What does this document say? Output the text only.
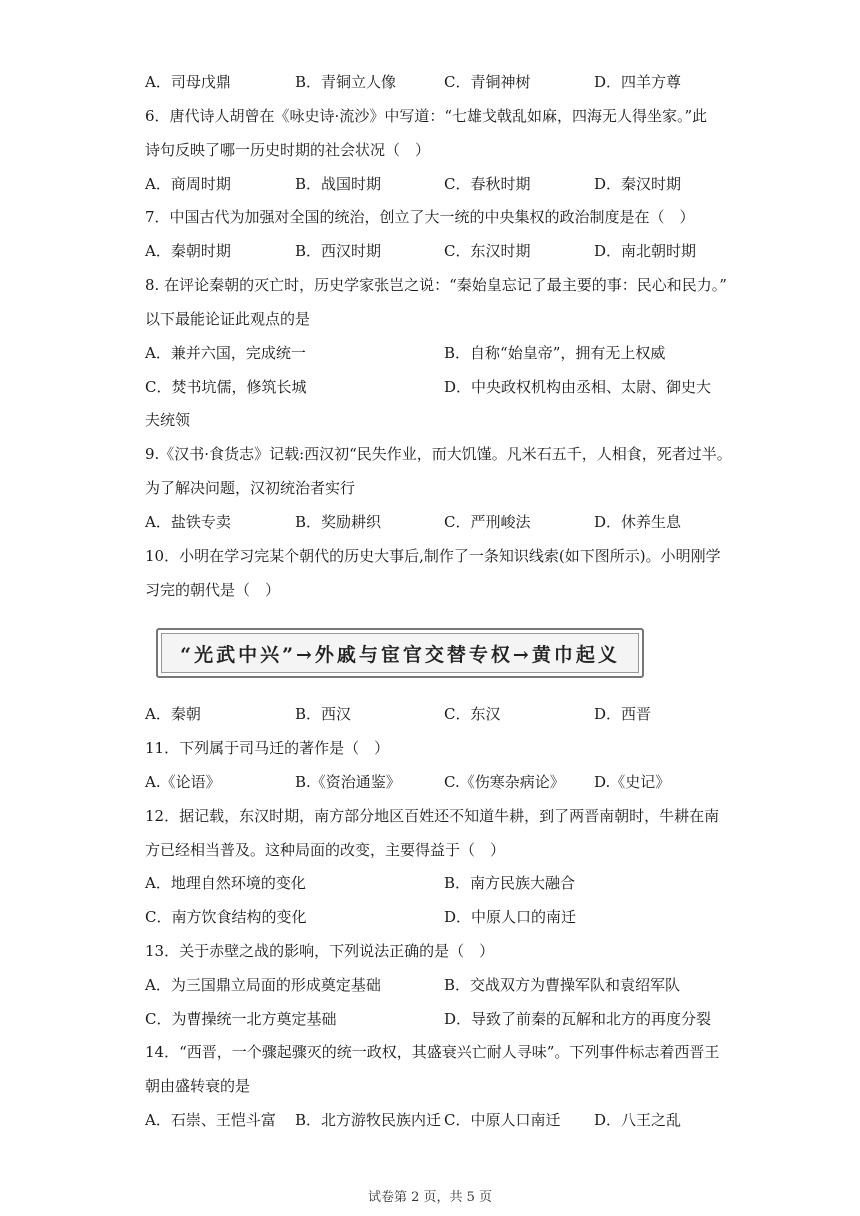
A．司母戊鼎	B．青铜立人像	C．青铜神树	D．四羊方尊
6．唐代诗人胡曾在《咏史诗·流沙》中写道：“七雄戈戟乱如麻，四海无人得坐家。”此
诗句反映了哪一历史时期的社会状况（　）
A．商周时期	B．战国时期	C．春秋时期	D．秦汉时期
7．中国古代为加强对全国的统治，创立了大一统的中央集权的政治制度是在（　）
A．秦朝时期	B．西汉时期	C．东汉时期	D．南北朝时期
8. 在评论秦朝的灭亡时，历史学家张岂之说：“秦始皇忘记了最主要的事：民心和民力。”
以下最能论证此观点的是
A．兼并六国，完成统一	B．自称“始皇帝”，拥有无上权威
C．焚书坑儒，修筑长城	D．中央政权机构由丞相、太尉、御史大
夫统领
9.《汉书·食货志》记载:西汉初“民失作业，而大饥馑。凡米石五千，人相食，死者过半。
为了解决问题，汉初统治者实行
A．盐铁专卖	B．奖励耕织	C．严刑峻法	D．休养生息
10．小明在学习完某个朝代的历史大事后,制作了一条知识线索(如下图所示)。小明刚学
习完的朝代是（　）
“光武中兴”→外戚与宦官交替专权→黄巾起义
A．秦朝	B．西汉	C．东汉	D．西晋
11．下列属于司马迁的著作是（　）
A.《论语》	B.《资治通鉴》	C.《伤寒杂病论》 D.《史记》
12．据记载，东汉时期，南方部分地区百姓还不知道牛耕，到了两晋南朝时，牛耕在南
方已经相当普及。这种局面的改变，主要得益于（　）
A．地理自然环境的变化	B．南方民族大融合
C．南方饮食结构的变化	D．中原人口的南迁
13．关于赤壁之战的影响，下列说法正确的是（　）
A．为三国鼎立局面的形成奠定基础	B．交战双方为曹操军队和袁绍军队
C．为曹操统一北方奠定基础	D．导致了前秦的瓦解和北方的再度分裂
14．“西晋，一个骤起骤灭的统一政权，其盛衰兴亡耐人寻味”。下列事件标志着西晋王
朝由盛转衰的是
A．石崇、王恺斗富 B．北方游牧民族内迁 C．中原人口南迁 D．八王之乱
试卷第 2 页，共 5 页
